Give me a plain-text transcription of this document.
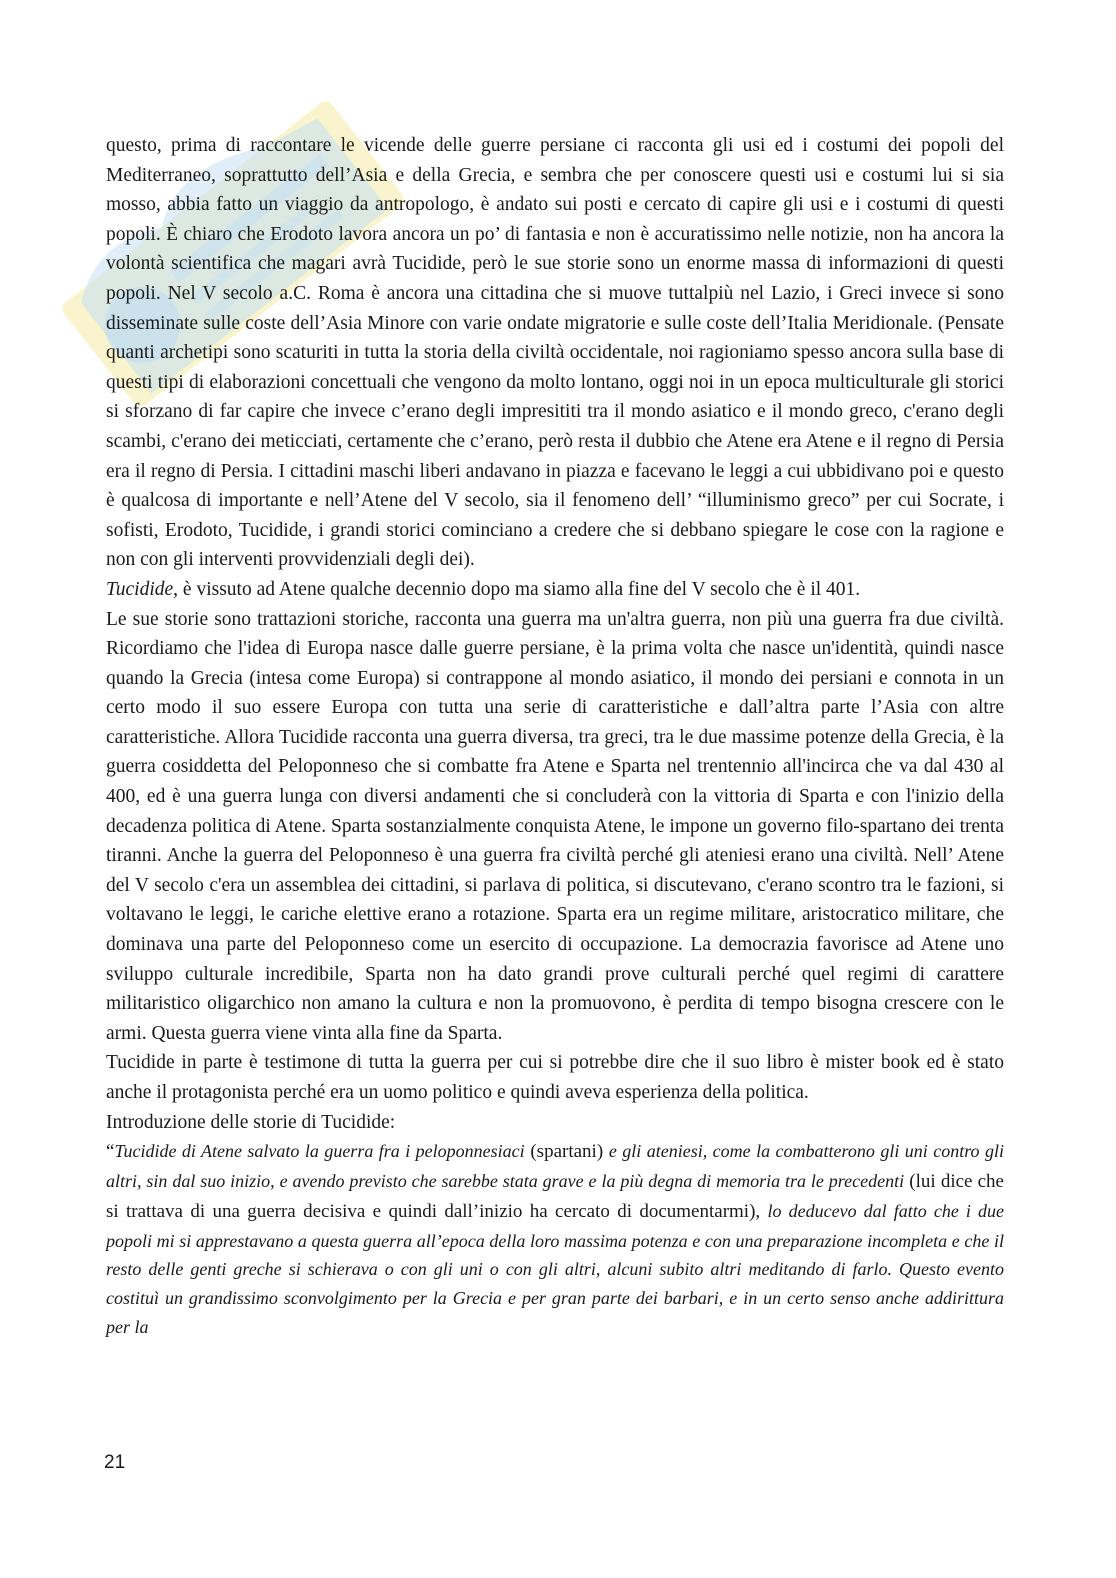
questo, prima di raccontare le vicende delle guerre persiane ci racconta gli usi ed i costumi dei popoli del Mediterraneo, soprattutto dell’Asia e della Grecia, e sembra che per conoscere questi usi e costumi lui si sia mosso, abbia fatto un viaggio da antropologo, è andato sui posti e cercato di capire gli usi e i costumi di questi popoli. È chiaro che Erodoto lavora ancora un po’ di fantasia e non è accuratissimo nelle notizie, non ha ancora la volontà scientifica che magari avrà Tucidide, però le sue storie sono un enorme massa di informazioni di questi popoli. Nel V secolo a.C. Roma è ancora una cittadina che si muove tuttalpiù nel Lazio, i Greci invece si sono disseminate sulle coste dell’Asia Minore con varie ondate migratorie e sulle coste dell’Italia Meridionale. (Pensate quanti archetipi sono scaturiti in tutta la storia della civiltà occidentale, noi ragioniamo spesso ancora sulla base di questi tipi di elaborazioni concettuali che vengono da molto lontano, oggi noi in un epoca multiculturale gli storici si sforzano di far capire che invece c’erano degli impresititi tra il mondo asiatico e il mondo greco, c'erano degli scambi, c'erano dei meticciati, certamente che c’erano, però resta il dubbio che Atene era Atene e il regno di Persia era il regno di Persia. I cittadini maschi liberi andavano in piazza e facevano le leggi a cui ubbidivano poi e questo è qualcosa di importante e nell’Atene del V secolo, sia il fenomeno dell’ “illuminismo greco” per cui Socrate, i sofisti, Erodoto, Tucidide, i grandi storici cominciano a credere che si debbano spiegare le cose con la ragione e non con gli interventi provvidenziali degli dei).

Tucidide, è vissuto ad Atene qualche decennio dopo ma siamo alla fine del V secolo che è il 401.

Le sue storie sono trattazioni storiche, racconta una guerra ma un'altra guerra, non più una guerra fra due civiltà. Ricordiamo che l'idea di Europa nasce dalle guerre persiane, è la prima volta che nasce un'identità, quindi nasce quando la Grecia (intesa come Europa) si contrappone al mondo asiatico, il mondo dei persiani e connota in un certo modo il suo essere Europa con tutta una serie di caratteristiche e dall’altra parte l’Asia con altre caratteristiche. Allora Tucidide racconta una guerra diversa, tra greci, tra le due massime potenze della Grecia, è la guerra cosiddetta del Peloponneso che si combatte fra Atene e Sparta nel trentennio all'incirca che va dal 430 al 400, ed è una guerra lunga con diversi andamenti che si concluderà con la vittoria di Sparta e con l'inizio della decadenza politica di Atene. Sparta sostanzialmente conquista Atene, le impone un governo filo-spartano dei trenta tiranni. Anche la guerra del Peloponneso è una guerra fra civiltà perché gli ateniesi erano una civiltà. Nell’ Atene del V secolo c'era un assemblea dei cittadini, si parlava di politica, si discutevano, c'erano scontro tra le fazioni, si voltavano le leggi, le cariche elettive erano a rotazione. Sparta era un regime militare, aristocratico militare, che dominava una parte del Peloponneso come un esercito di occupazione. La democrazia favorisce ad Atene uno sviluppo culturale incredibile, Sparta non ha dato grandi prove culturali perché quel regimi di carattere militaristico oligarchico non amano la cultura e non la promuovono, è perdita di tempo bisogna crescere con le armi. Questa guerra viene vinta alla fine da Sparta.

Tucidide in parte è testimone di tutta la guerra per cui si potrebbe dire che il suo libro è mister book ed è stato anche il protagonista perché era un uomo politico e quindi aveva esperienza della politica.

Introduzione delle storie di Tucidide:

“Tucidide di Atene salvato la guerra fra i peloponnesiaci (spartani) e gli ateniesi, come la combatterono gli uni contro gli altri, sin dal suo inizio, e avendo previsto che sarebbe stata grave e la più degna di memoria tra le precedenti (lui dice che si trattava di una guerra decisiva e quindi dall’inizio ha cercato di documentarmi), lo deducevo dal fatto che i due popoli mi si apprestavano a questa guerra all’epoca della loro massima potenza e con una preparazione incompleta e che il resto delle genti greche si schierava o con gli uni o con gli altri, alcuni subito altri meditando di farlo. Questo evento costituì un grandissimo sconvolgimento per la Grecia e per gran parte dei barbari, e in un certo senso anche addirittura per la

21
